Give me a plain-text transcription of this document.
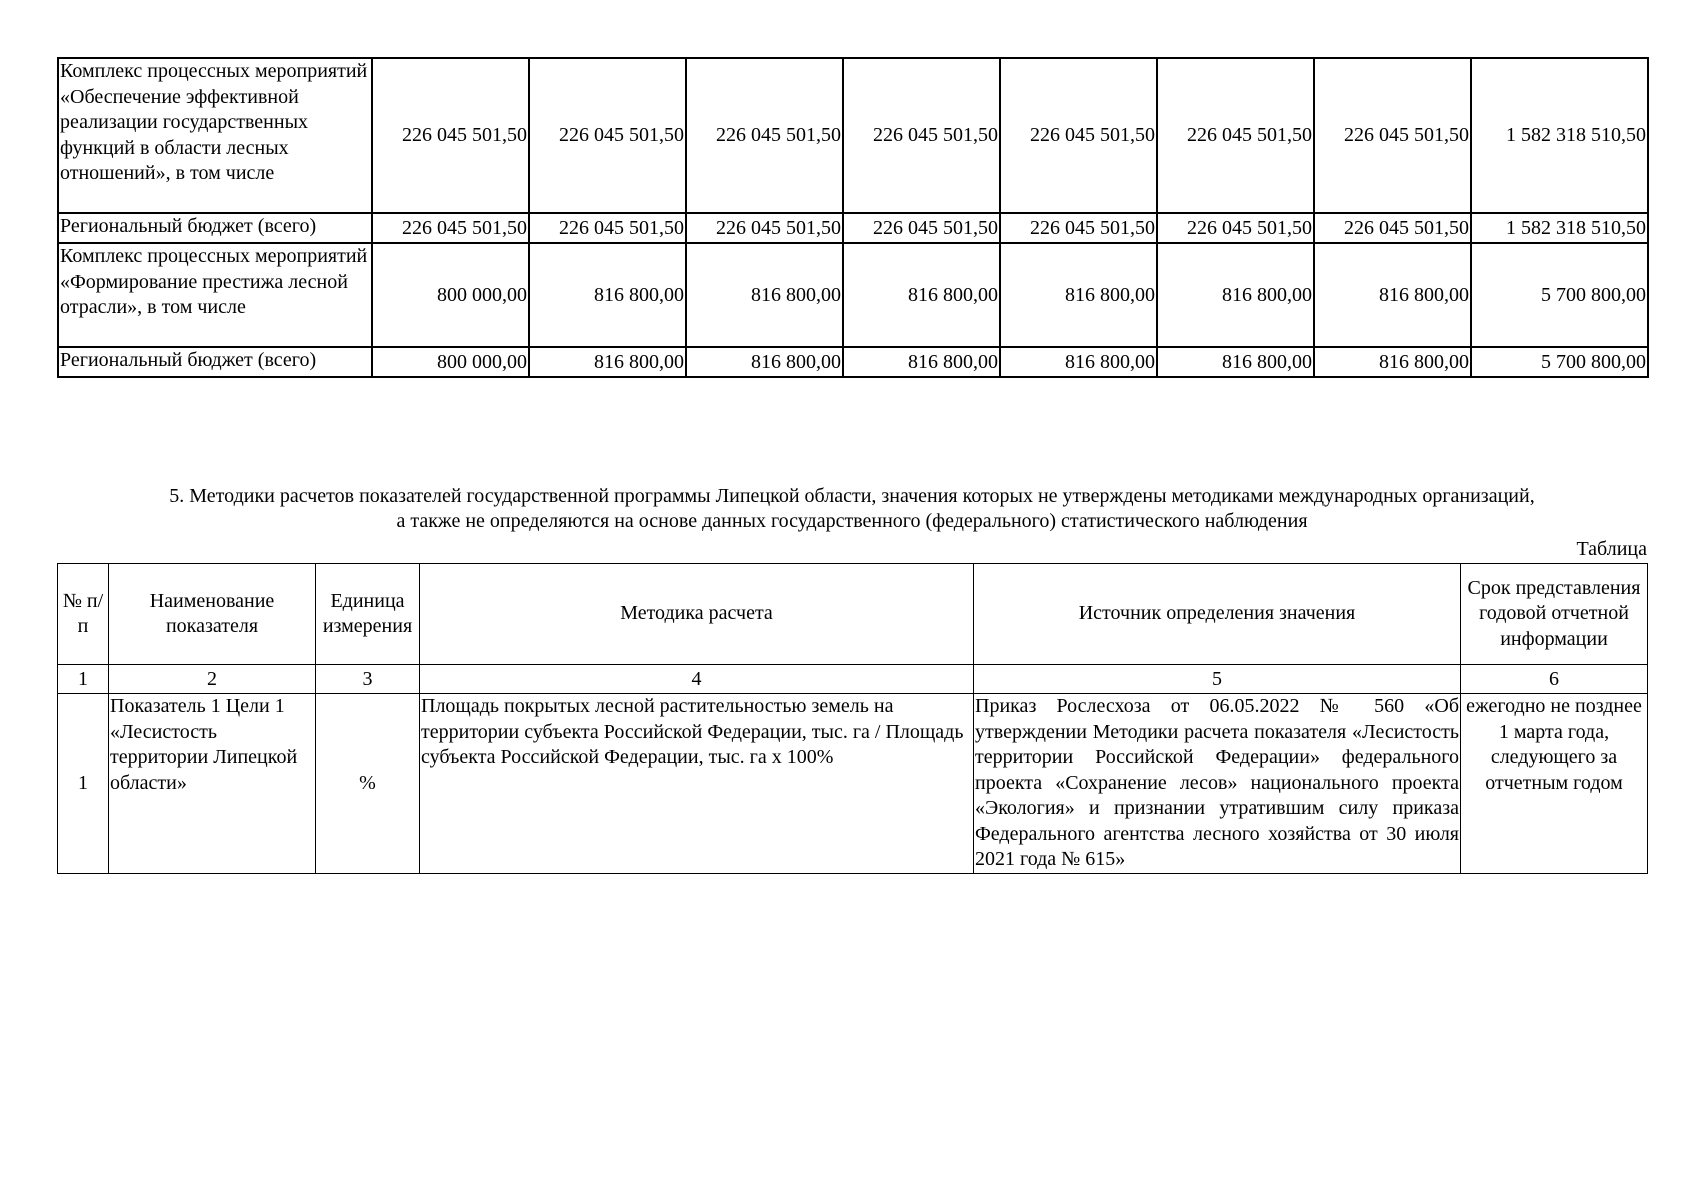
Комплекс процессных мероприятий «Обеспечение эффективной реализации государственных функций в области лесных отношений», в том числе	226 045 501,50	226 045 501,50	226 045 501,50	226 045 501,50	226 045 501,50	226 045 501,50	226 045 501,50	1 582 318 510,50
Региональный бюджет (всего)	226 045 501,50	226 045 501,50	226 045 501,50	226 045 501,50	226 045 501,50	226 045 501,50	226 045 501,50	1 582 318 510,50
Комплекс процессных мероприятий «Формирование престижа лесной отрасли», в том числе	800 000,00	816 800,00	816 800,00	816 800,00	816 800,00	816 800,00	816 800,00	5 700 800,00
Региональный бюджет (всего)	800 000,00	816 800,00	816 800,00	816 800,00	816 800,00	816 800,00	816 800,00	5 700 800,00
5. Методики расчетов показателей государственной программы Липецкой области, значения которых не утверждены методиками международных организаций,
а также не определяются на основе данных государственного (федерального) статистического наблюдения
Таблица
№ п/п	Наименование показателя	Единица измерения	Методика расчета	Источник определения значения	Срок представления годовой отчетной информации
1	2	3	4	5	6
1	Показатель 1 Цели 1 «Лесистость территории Липецкой области»	%	Площадь покрытых лесной растительностью земель на территории субъекта Российской Федерации, тыс. га / Площадь субъекта Российской Федерации, тыс. га х 100%	Приказ Рослесхоза от 06.05.2022 № 560 «Об утверждении Методики расчета показателя «Лесистость территории Российской Федерации» федерального проекта «Сохранение лесов» национального проекта «Экология» и признании утратившим силу приказа Федерального агентства лесного хозяйства от 30 июля 2021 года № 615»	ежегодно не позднее 1 марта года, следующего за отчетным годом
